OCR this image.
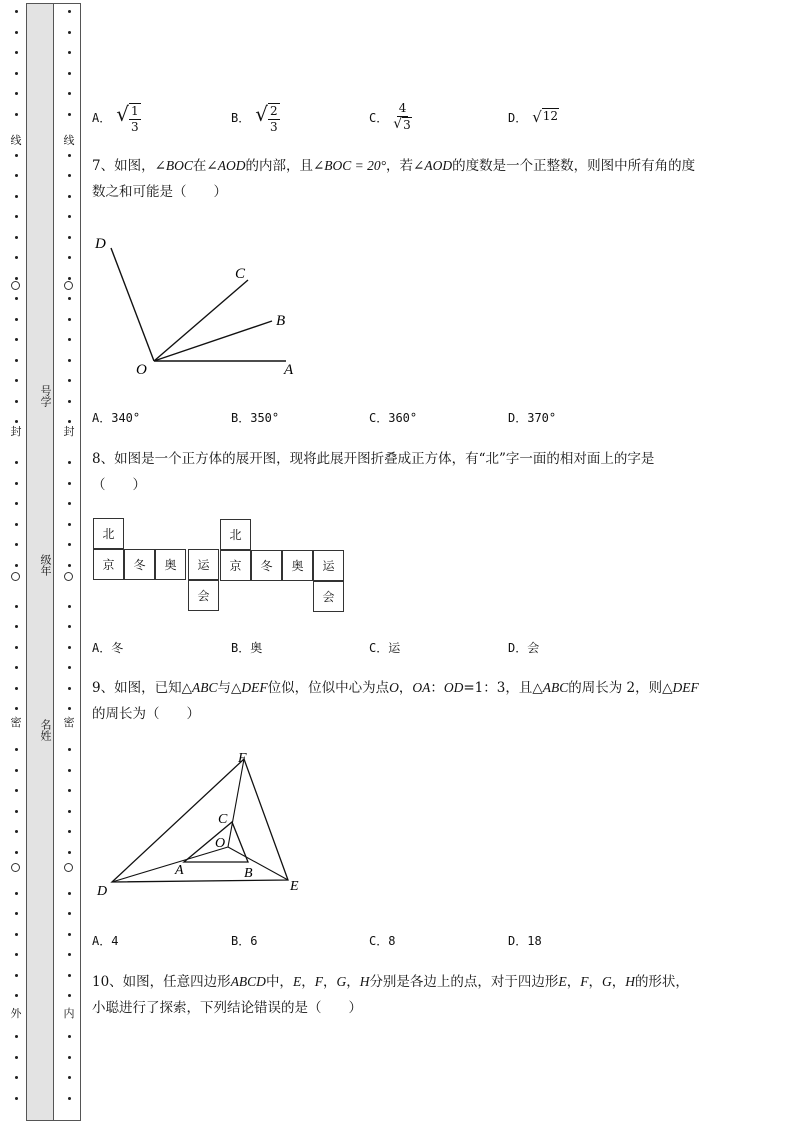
线
封
密
外
线
封
密
内
号学
级年
名姓
A． √ $\frac{1}{3}$	B． √ $\frac{2}{3}$	C．
4
√ 3
D． √ 12
7、如图，∠BOC在∠AOD的内部，且∠BOC = 20°，若∠AOD的度数是一个正整数，则图中所有角的度
数之和可能是（　　）
D
C
B
O	A
A．340°	B．350°	C．360°	D．370°
8、如图是一个正方体的展开图，现将此展开图折叠成正方体，有“北”字一面的相对面上的字是
（　　）
北
京	冬	奥	运
会
北
京	冬	奥	运
会
A．冬	B．奥	C．运	D．会
9、如图，已知△ABC与△DEF位似，位似中心为点O，OA：OD=1：3，且△ABC的周长为 2，则△DEF
的周长为（　　）
F
C
O
A	B
D	E
A．4	B．6	C．8	D．18
10、如图，任意四边形ABCD中，E，F，G，H分别是各边上的点，对于四边形E，F，G，H的形状，
小聪进行了探索，下列结论错误的是（　　）
